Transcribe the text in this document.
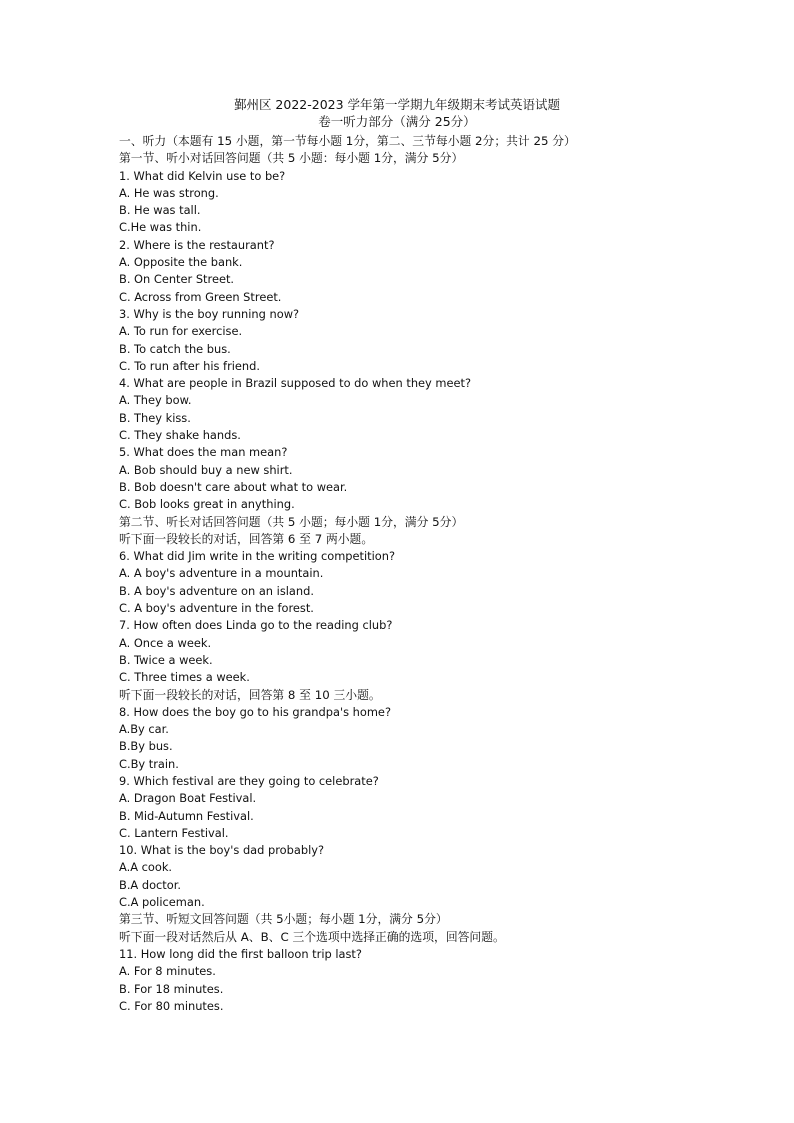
鄞州区 2022-2023 学年第一学期九年级期末考试英语试题
卷一听力部分（满分 25分）
一、听力（本题有 15 小题，第一节每小题 1分，第二、三节每小题 2分；共计 25 分）
第一节、听小对话回答问题（共 5 小题：每小题 1分，满分 5分）
1. What did Kelvin use to be?
A. He was strong.
B. He was tall.
C.He was thin.
2. Where is the restaurant?
A. Opposite the bank.
B. On Center Street.
C. Across from Green Street.
3. Why is the boy running now?
A. To run for exercise.
B. To catch the bus.
C. To run after his friend.
4. What are people in Brazil supposed to do when they meet?
A. They bow.
B. They kiss.
C. They shake hands.
5. What does the man mean?
A. Bob should buy a new shirt.
B. Bob doesn't care about what to wear.
C. Bob looks great in anything.
第二节、听长对话回答问题（共 5 小题；每小题 1分，满分 5分）
听下面一段较长的对话，回答第 6 至 7 两小题。
6. What did Jim write in the writing competition?
A. A boy's adventure in a mountain.
B. A boy's adventure on an island.
C. A boy's adventure in the forest.
7. How often does Linda go to the reading club?
A. Once a week.
B. Twice a week.
C. Three times a week.
听下面一段较长的对话，回答第 8 至 10 三小题。
8. How does the boy go to his grandpa's home?
A.By car.
B.By bus.
C.By train.
9. Which festival are they going to celebrate?
A. Dragon Boat Festival.
B. Mid-Autumn Festival.
C. Lantern Festival.
10. What is the boy's dad probably?
A.A cook.
B.A doctor.
C.A policeman.
第三节、听短文回答问题（共 5小题；每小题 1分，满分 5分）
听下面一段对话然后从 A、B、C 三个选项中选择正确的选项，回答问题。
11. How long did the first balloon trip last?
A. For 8 minutes.
B. For 18 minutes.
C. For 80 minutes.
